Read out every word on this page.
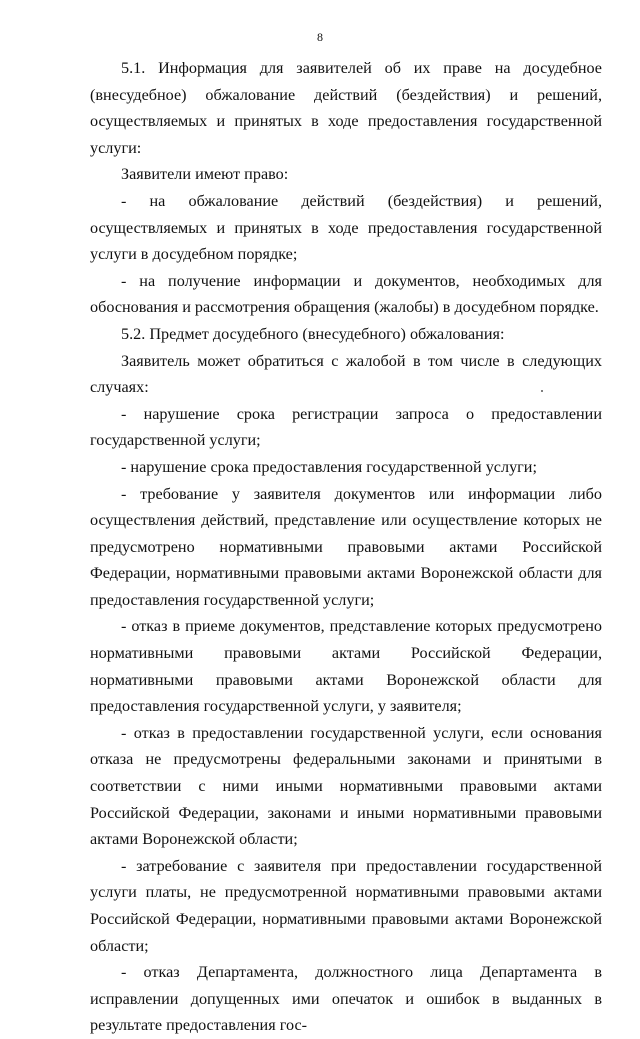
8

5.1. Информация для заявителей об их праве на досудебное (внесудебное) обжалование действий (бездействия) и решений, осуществляемых и принятых в ходе предоставления государственной услуги:

Заявители имеют право:

- на обжалование действий (бездействия) и решений, осуществляемых и принятых в ходе предоставления государственной услуги в досудебном порядке;

- на получение информации и документов, необходимых для обоснования и рассмотрения обращения (жалобы) в досудебном порядке.

5.2. Предмет досудебного (внесудебного) обжалования:

Заявитель может обратиться с жалобой в том числе в следующих случаях:

- нарушение срока регистрации запроса о предоставлении государственной услуги;

- нарушение срока предоставления государственной услуги;

- требование у заявителя документов или информации либо осуществления действий, представление или осуществление которых не предусмотрено нормативными правовыми актами Российской Федерации, нормативными правовыми актами Воронежской области для предоставления государственной услуги;

- отказ в приеме документов, представление которых предусмотрено нормативными правовыми актами Российской Федерации, нормативными правовыми актами Воронежской области для предоставления государственной услуги, у заявителя;

- отказ в предоставлении государственной услуги, если основания отказа не предусмотрены федеральными законами и принятыми в соответствии с ними иными нормативными правовыми актами Российской Федерации, законами и иными нормативными правовыми актами Воронежской области;

- затребование с заявителя при предоставлении государственной услуги платы, не предусмотренной нормативными правовыми актами Российской Федерации, нормативными правовыми актами Воронежской области;

- отказ Департамента, должностного лица Департамента в исправлении допущенных ими опечаток и ошибок в выданных в результате предоставления гос-
